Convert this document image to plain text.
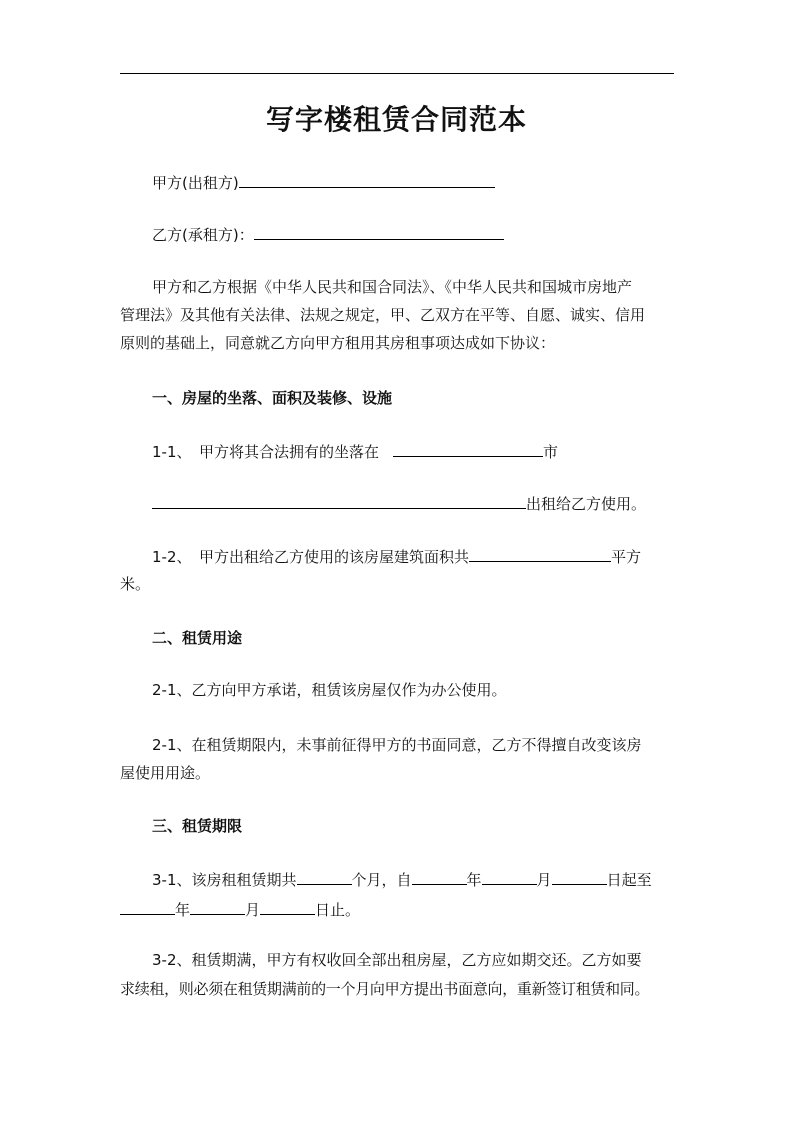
写字楼租赁合同范本
甲方(出租方)
乙方(承租方)：
甲方和乙方根据《中华人民共和国合同法》、《中华人民共和国城市房地产
管理法》及其他有关法律、法规之规定，甲、乙双方在平等、自愿、诚实、信用
原则的基础上，同意就乙方向甲方租用其房租事项达成如下协议：
一、房屋的坐落、面积及装修、设施
1-1、　甲方将其合法拥有的坐落在	市
出租给乙方使用。
1-2、　甲方出租给乙方使用的该房屋建筑面积共	平方
米。
二、租赁用途
2-1、乙方向甲方承诺，租赁该房屋仅作为办公使用。
2-1、在租赁期限内，未事前征得甲方的书面同意，乙方不得擅自改变该房
屋使用用途。
三、租赁期限
3-1、该房租租赁期共	个月，自	年	月	日起至
年	月	日止。
3-2、租赁期满，甲方有权收回全部出租房屋，乙方应如期交还。乙方如要
求续租，则必须在租赁期满前的一个月向甲方提出书面意向，重新签订租赁和同。
